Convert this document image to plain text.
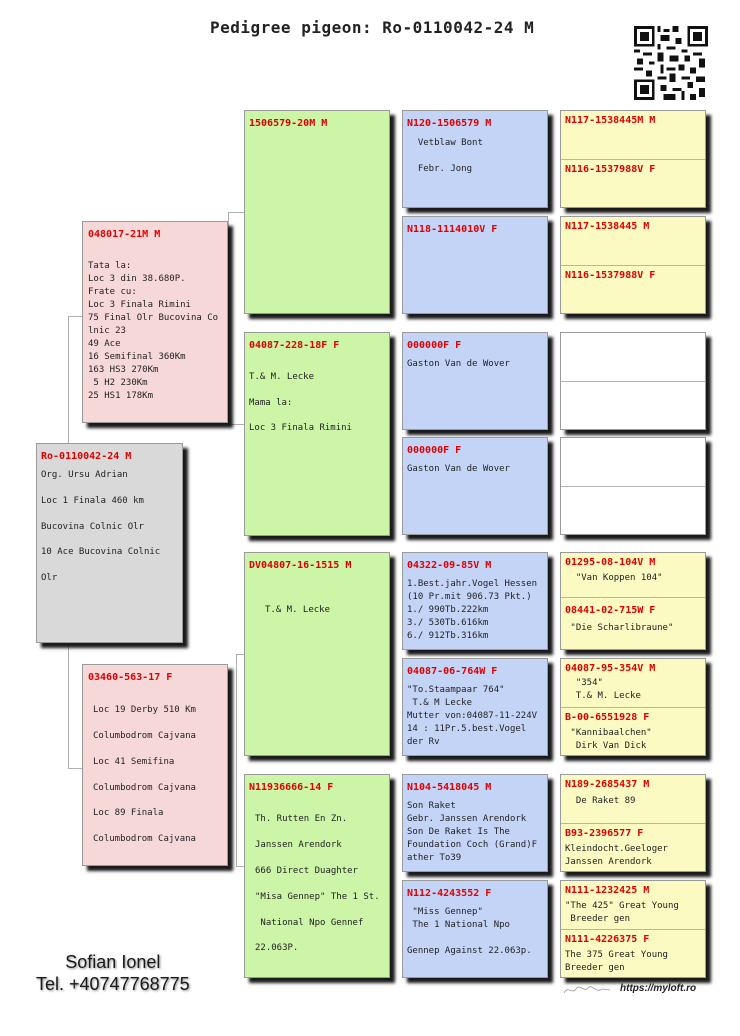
Pedigree pigeon: Ro-0110042-24 M
Ro-0110042-24 M
Org. Ursu Adrian
Loc 1 Finala 460 km
Bucovina Colnic Olr
10 Ace Bucovina Colnic
Olr
048017-21M M
Tata la:
Loc 3 din 38.680P.
Frate cu:
Loc 3 Finala Rimini
75 Final Olr Bucovina Co
lnic 23
49 Ace
16 Semifinal 360Km
163 HS3 270Km
5 H2 230Km
25 HS1 178Km
03460-563-17 F
Loc 19 Derby 510 Km
Columbodrom Cajvana
Loc 41 Semifina
Columbodrom Cajvana
Loc 89 Finala
Columbodrom Cajvana
1506579-20M M
04087-228-18F F
T.& M. Lecke
Mama la:
Loc 3 Finala Rimini
DV04807-16-1515 M
T.& M. Lecke
N11936666-14 F
Th. Rutten En Zn.
Janssen Arendork
666 Direct Duaghter
"Misa Gennep" The 1 St.
National Npo Gennef
22.063P.
N120-1506579 M
Vetblaw Bont

Febr. Jong
N118-1114010V F
000000F F
Gaston Van de Wover
000000F F
Gaston Van de Wover
04322-09-85V M
1.Best.jahr.Vogel Hessen
(10 Pr.mit 906.73 Pkt.)
1./ 990Tb.222km
3./ 530Tb.616km
6./ 912Tb.316km
04087-06-764W F
"To.Staampaar 764"
T.& M Lecke
Mutter von:04087-11-224V
14 : 11Pr.5.best.Vogel
der Rv
N104-5418045 M
Son Raket
Gebr. Janssen Arendork
Son De Raket Is The
Foundation Coch (Grand)F
ather To39
N112-4243552 F
"Miss Gennep"
The 1 National Npo

Gennep Against 22.063p.
N117-1538445M M
N116-1537988V F
N117-1538445 M
N116-1537988V F
01295-08-104V M
"Van Koppen 104"
08441-02-715W F
"Die Scharlibraune"
04087-95-354V M
"354"
T.& M. Lecke
B-00-6551928 F
"Kannibaalchen"
Dirk Van Dick
N189-2685437 M
De Raket 89
B93-2396577 F
Kleindocht.Geeloger
Janssen Arendork
N111-1232425 M
"The 425" Great Young
Breeder gen
N111-4226375 F
The 375 Great Young
Breeder gen
Sofian Ionel
Tel. +40747768775	https://myloft.ro
